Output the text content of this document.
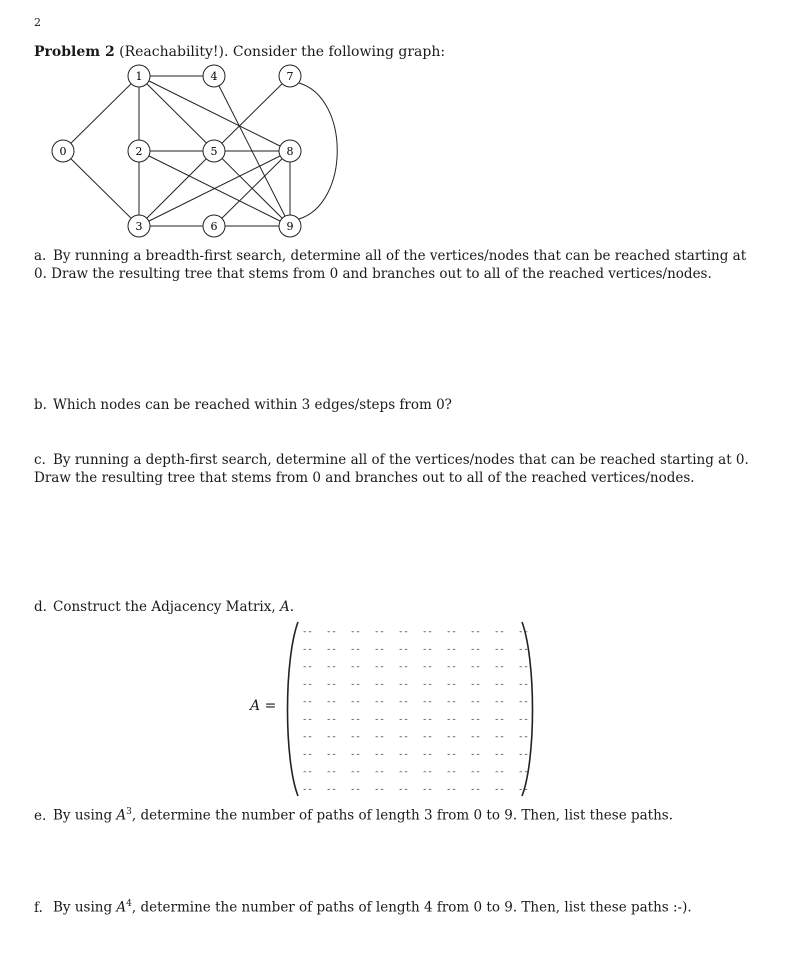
2
Problem 2 (Reachability!). Consider the following graph:
0
1
2
3
4
5
6
7
8
9
a. By running a breadth-first search, determine all of the vertices/nodes that can be reached starting at 0. Draw the resulting tree that stems from 0 and branches out to all of the reached vertices/nodes.
b. Which nodes can be reached within 3 edges/steps from 0?
c. By running a depth-first search, determine all of the vertices/nodes that can be reached starting at 0. Draw the resulting tree that stems from 0 and branches out to all of the reached vertices/nodes.
d. Construct the Adjacency Matrix, A.
A =
-- -- -- -- -- -- -- -- -- --
-- -- -- -- -- -- -- -- -- --
-- -- -- -- -- -- -- -- -- --
-- -- -- -- -- -- -- -- -- --
-- -- -- -- -- -- -- -- -- --
-- -- -- -- -- -- -- -- -- --
-- -- -- -- -- -- -- -- -- --
-- -- -- -- -- -- -- -- -- --
-- -- -- -- -- -- -- -- -- --
-- -- -- -- -- -- -- -- -- --
e. By using $A^3$, determine the number of paths of length 3 from 0 to 9. Then, list these paths.
f. By using $A^4$, determine the number of paths of length 4 from 0 to 9. Then, list these paths :-).
